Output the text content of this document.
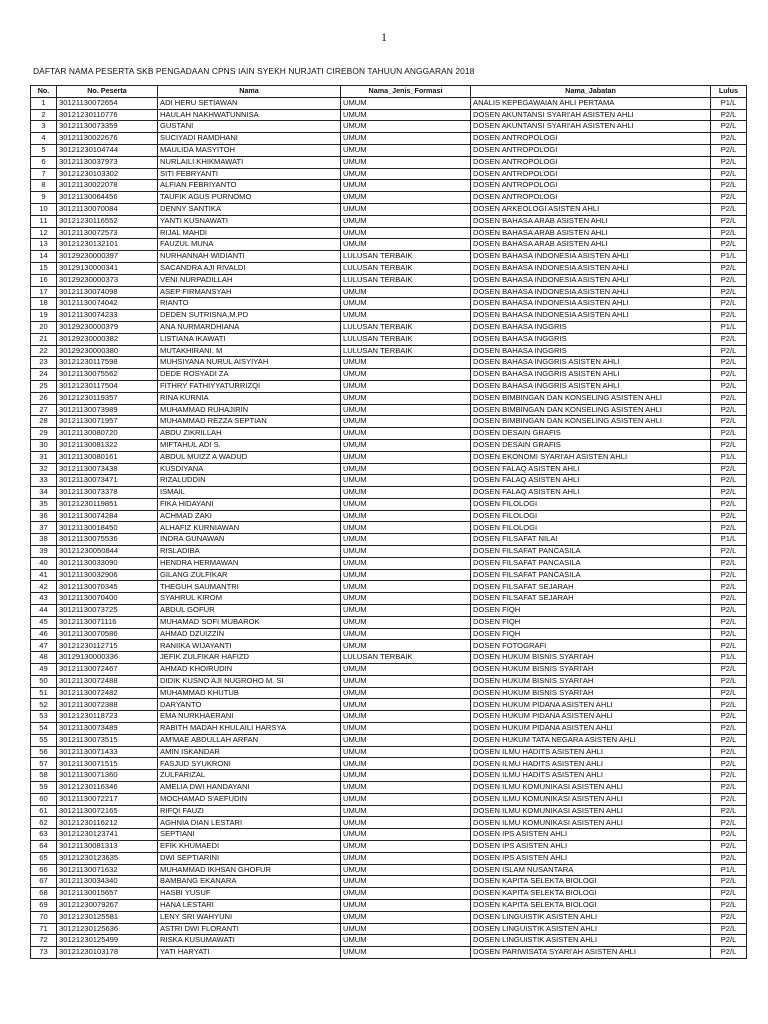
1
DAFTAR NAMA PESERTA SKB PENGADAAN CPNS IAIN SYEKH NURJATI CIREBON TAHUUN ANGGARAN 2018
No.	No. Peserta	Nama	Nama_Jenis_Formasi	Nama_Jabatan	Lulus
1	30121130072654	ADI HERU SETIAWAN	UMUM	ANALIS KEPEGAWAIAN AHLI PERTAMA	P1/L
2	30121230110776	HAULAH NAKHWATUNNISA	UMUM	DOSEN AKUNTANSI SYARI'AH ASISTEN AHLI	P2/L
3	30121130073359	GUSTANI	UMUM	DOSEN AKUNTANSI SYARI'AH ASISTEN AHLI	P2/L
4	30121130022676	SUCIYADI RAMDHANI	UMUM	DOSEN ANTROPOLOGI	P2/L
5	30121230104744	MAULIDA MASYITOH	UMUM	DOSEN ANTROPOLOGI	P2/L
6	30121130037973	NURLAILI KHIKMAWATI	UMUM	DOSEN ANTROPOLOGI	P2/L
7	30121230103302	SITI FEBRYANTI	UMUM	DOSEN ANTROPOLOGI	P2/L
8	30121130022078	ALFIAN FEBRIYANTO	UMUM	DOSEN ANTROPOLOGI	P2/L
9	30121130064456	TAUFIK AGUS PURNOMO	UMUM	DOSEN ANTROPOLOGI	P2/L
10	30121130070084	DENNY SANTIKA	UMUM	DOSEN ARKEOLOGI ASISTEN AHLI	P2/L
11	30121230116552	YANTI KUSNAWATI	UMUM	DOSEN BAHASA ARAB ASISTEN AHLI	P2/L
12	30121130072573	RIJAL MAHDI	UMUM	DOSEN BAHASA ARAB ASISTEN AHLI	P2/L
13	30121230132101	FAUZUL MUNA	UMUM	DOSEN BAHASA ARAB ASISTEN AHLI	P2/L
14	30129230000397	NURHANNAH WIDIANTI	LULUSAN TERBAIK	DOSEN BAHASA INDONESIA ASISTEN AHLI	P1/L
15	30129130000341	SACANDRA AJI RIVALDI	LULUSAN TERBAIK	DOSEN BAHASA INDONESIA ASISTEN AHLI	P2/L
16	30129230000373	VENI NURPADILLAH	LULUSAN TERBAIK	DOSEN BAHASA INDONESIA ASISTEN AHLI	P2/L
17	30121130074098	ASEP FIRMANSYAH	UMUM	DOSEN BAHASA INDONESIA ASISTEN AHLI	P2/L
18	30121130074042	RIANTO	UMUM	DOSEN BAHASA INDONESIA ASISTEN AHLI	P2/L
19	30121130074233	DEDEN SUTRISNA,M.PD	UMUM	DOSEN BAHASA INDONESIA ASISTEN AHLI	P2/L
20	30129230000379	ANA NURMARDHIANA	LULUSAN TERBAIK	DOSEN BAHASA INGGRIS	P1/L
21	30129230000382	LISTIANA IKAWATI	LULUSAN TERBAIK	DOSEN BAHASA INGGRIS	P2/L
22	30129230000380	MUTAKHIRANI. M	LULUSAN TERBAIK	DOSEN BAHASA INGGRIS	P2/L
23	30121230117598	MUHSIYANA NURUL AISYIYAH	UMUM	DOSEN BAHASA INGGRIS ASISTEN AHLI	P2/L
24	30121130075562	DEDE ROSYADI ZA	UMUM	DOSEN BAHASA INGGRIS ASISTEN AHLI	P2/L
25	30121230117504	FITHRY FATHIYYATURRIZQI	UMUM	DOSEN BAHASA INGGRIS ASISTEN AHLI	P2/L
26	30121230119357	RINA KURNIA	UMUM	DOSEN BIMBINGAN DAN KONSELING ASISTEN AHLI	P2/L
27	30121130073989	MUHAMMAD RUHAJIRIN	UMUM	DOSEN BIMBINGAN DAN KONSELING ASISTEN AHLI	P2/L
28	30121130071957	MUHAMMAD REZZA SEPTIAN	UMUM	DOSEN BIMBINGAN DAN KONSELING ASISTEN AHLI	P2/L
29	30121130080720	ABDU ZIKRILLAH	UMUM	DOSEN DESAIN GRAFIS	P2/L
30	30121130081322	MIFTAHUL ADI S.	UMUM	DOSEN DESAIN GRAFIS	P2/L
31	30121130080161	ABDUL MUIZZ A WADUD	UMUM	DOSEN EKONOMI SYARI'AH ASISTEN AHLI	P1/L
32	30121130073438	KUSDIYANA	UMUM	DOSEN FALAQ ASISTEN AHLI	P2/L
33	30121130073471	RIZALUDDIN	UMUM	DOSEN FALAQ ASISTEN AHLI	P2/L
34	30121130073378	ISMAIL	UMUM	DOSEN FALAQ ASISTEN AHLI	P2/L
35	30121230119851	FIKA HIDAYANI	UMUM	DOSEN FILOLOGI	P2/L
36	30121130074284	ACHMAD ZAKI	UMUM	DOSEN FILOLOGI	P2/L
37	30121130018450	ALHAFIZ KURNIAWAN	UMUM	DOSEN FILOLOGI	P2/L
38	30121130075536	INDRA GUNAWAN	UMUM	DOSEN FILSAFAT NILAI	P1/L
39	30121230050844	RISLADIBA	UMUM	DOSEN FILSAFAT PANCASILA	P2/L
40	30121130033090	HENDRA HERMAWAN	UMUM	DOSEN FILSAFAT PANCASILA	P2/L
41	30121130032906	GILANG ZULFIKAR	UMUM	DOSEN FILSAFAT PANCASILA	P2/L
42	30121130070345	THEGUH SAUMANTRI	UMUM	DOSEN FILSAFAT SEJARAH	P2/L
43	30121130070400	SYAHRUL KIROM	UMUM	DOSEN FILSAFAT SEJARAH	P2/L
44	30121130073725	ABDUL GOFUR	UMUM	DOSEN FIQH	P2/L
45	30121130071116	MUHAMAD SOFI MUBAROK	UMUM	DOSEN FIQH	P2/L
46	30121130070586	AHMAD DZUIZZIN	UMUM	DOSEN FIQH	P2/L
47	30121230112715	RANIIKA WIJAYANTI	UMUM	DOSEN FOTOGRAFI	P2/L
48	30129130000336	JEFIK ZULFIKAR HAFIZD	LULUSAN TERBAIK	DOSEN HUKUM BISNIS SYARI'AH	P1/L
49	30121130072467	AHMAD KHOIRUDIN	UMUM	DOSEN HUKUM BISNIS SYARI'AH	P2/L
50	30121130072488	DIDIK KUSNO AJI NUGROHO M. SI	UMUM	DOSEN HUKUM BISNIS SYARI'AH	P2/L
51	30121130072482	MUHAMMAD KHUTUB	UMUM	DOSEN HUKUM BISNIS SYARI'AH	P2/L
52	30121130072388	DARYANTO	UMUM	DOSEN HUKUM PIDANA ASISTEN AHLI	P2/L
53	30121230118723	EMA NURKHAERANI	UMUM	DOSEN HUKUM PIDANA ASISTEN AHLI	P2/L
54	30121130073489	RABITH MADAH KHULAILI HARSYA	UMUM	DOSEN HUKUM PIDANA ASISTEN AHLI	P2/L
55	30121130073515	AM'MAE ABDULLAH ARFAN	UMUM	DOSEN HUKUM TATA NEGARA ASISTEN AHLI	P2/L
56	30121130071433	AMIN ISKANDAR	UMUM	DOSEN ILMU HADITS ASISTEN AHLI	P2/L
57	30121130071515	FASJUD SYUKRONI	UMUM	DOSEN ILMU HADITS ASISTEN AHLI	P2/L
58	30121130071360	ZULFARIZAL	UMUM	DOSEN ILMU HADITS ASISTEN AHLI	P2/L
59	30121230116346	AMELIA DWI HANDAYANI	UMUM	DOSEN ILMU KOMUNIKASI ASISTEN AHLI	P2/L
60	30121130072217	MOCHAMAD S'AEFUDIN	UMUM	DOSEN ILMU KOMUNIKASI ASISTEN AHLI	P2/L
61	30121130072165	RIFQI FAUZI	UMUM	DOSEN ILMU KOMUNIKASI ASISTEN AHLI	P2/L
62	30121230116212	AGHNIA DIAN LESTARI	UMUM	DOSEN ILMU KOMUNIKASI ASISTEN AHLI	P2/L
63	30121230123741	SEPTIANI	UMUM	DOSEN IPS ASISTEN AHLI	P2/L
64	30121130081313	EFIK KHUMAEDI	UMUM	DOSEN IPS ASISTEN AHLI	P2/L
65	30121230123635	DWI SEPTIARINI	UMUM	DOSEN IPS ASISTEN AHLI	P2/L
66	30121130071632	MUHAMMAD IKHSAN GHOFUR	UMUM	DOSEN ISLAM NUSANTARA	P1/L
67	30121130034340	BAMBANG EKANARA	UMUM	DOSEN KAPITA SELEKTA BIOLOGI	P2/L
68	30121130015657	HASBI YUSUF	UMUM	DOSEN KAPITA SELEKTA BIOLOGI	P2/L
69	30121230079267	HANA LESTARI	UMUM	DOSEN KAPITA SELEKTA BIOLOGI	P2/L
70	30121230125581	LENY SRI WAHYUNI	UMUM	DOSEN LINGUISTIK ASISTEN AHLI	P2/L
71	30121230125636	ASTRI DWI FLORANTI	UMUM	DOSEN LINGUISTIK ASISTEN AHLI	P2/L
72	30121230125499	RISKA KUSUMAWATI	UMUM	DOSEN LINGUISTIK ASISTEN AHLI	P2/L
73	30121230103178	YATI HARYATI	UMUM	DOSEN PARIWISATA SYARI'AH ASISTEN AHLI	P2/L
